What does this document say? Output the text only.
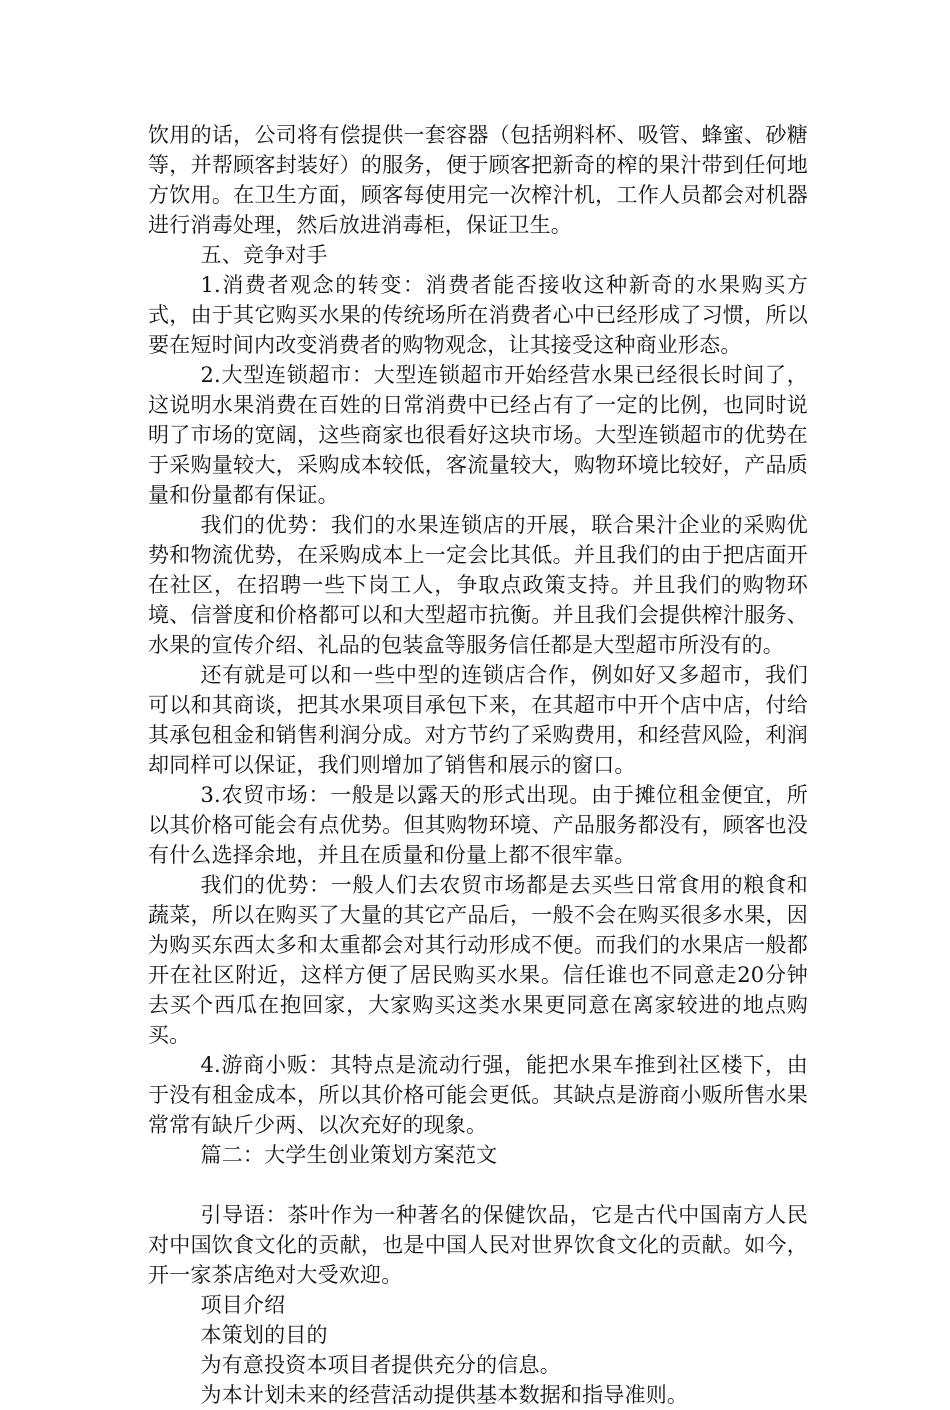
饮用的话，公司将有偿提供一套容器（包括朔料杯、吸管、蜂蜜、砂糖等，并帮顾客封装好）的服务，便于顾客把新奇的榨的果汁带到任何地方饮用。在卫生方面，顾客每使用完一次榨汁机，工作人员都会对机器进行消毒处理，然后放进消毒柜，保证卫生。

五、竞争对手

1.消费者观念的转变：消费者能否接收这种新奇的水果购买方式，由于其它购买水果的传统场所在消费者心中已经形成了习惯，所以要在短时间内改变消费者的购物观念，让其接受这种商业形态。

2.大型连锁超市：大型连锁超市开始经营水果已经很长时间了，这说明水果消费在百姓的日常消费中已经占有了一定的比例，也同时说明了市场的宽阔，这些商家也很看好这块市场。大型连锁超市的优势在于采购量较大，采购成本较低，客流量较大，购物环境比较好，产品质量和份量都有保证。

我们的优势：我们的水果连锁店的开展，联合果汁企业的采购优势和物流优势，在采购成本上一定会比其低。并且我们的由于把店面开在社区，在招聘一些下岗工人，争取点政策支持。并且我们的购物环境、信誉度和价格都可以和大型超市抗衡。并且我们会提供榨汁服务、水果的宣传介绍、礼品的包装盒等服务信任都是大型超市所没有的。

还有就是可以和一些中型的连锁店合作，例如好又多超市，我们可以和其商谈，把其水果项目承包下来，在其超市中开个店中店，付给其承包租金和销售利润分成。对方节约了采购费用，和经营风险，利润却同样可以保证，我们则增加了销售和展示的窗口。

3.农贸市场：一般是以露天的形式出现。由于摊位租金便宜，所以其价格可能会有点优势。但其购物环境、产品服务都没有，顾客也没有什么选择余地，并且在质量和份量上都不很牢靠。

我们的优势：一般人们去农贸市场都是去买些日常食用的粮食和蔬菜，所以在购买了大量的其它产品后，一般不会在购买很多水果，因为购买东西太多和太重都会对其行动形成不便。而我们的水果店一般都开在社区附近，这样方便了居民购买水果。信任谁也不同意走20分钟去买个西瓜在抱回家，大家购买这类水果更同意在离家较进的地点购买。

4.游商小贩：其特点是流动行强，能把水果车推到社区楼下，由于没有租金成本，所以其价格可能会更低。其缺点是游商小贩所售水果常常有缺斤少两、以次充好的现象。

篇二：大学生创业策划方案范文

引导语：茶叶作为一种著名的保健饮品，它是古代中国南方人民对中国饮食文化的贡献，也是中国人民对世界饮食文化的贡献。如今，开一家茶店绝对大受欢迎。

项目介绍

本策划的目的

为有意投资本项目者提供充分的信息。

为本计划未来的经营活动提供基本数据和指导准则。
